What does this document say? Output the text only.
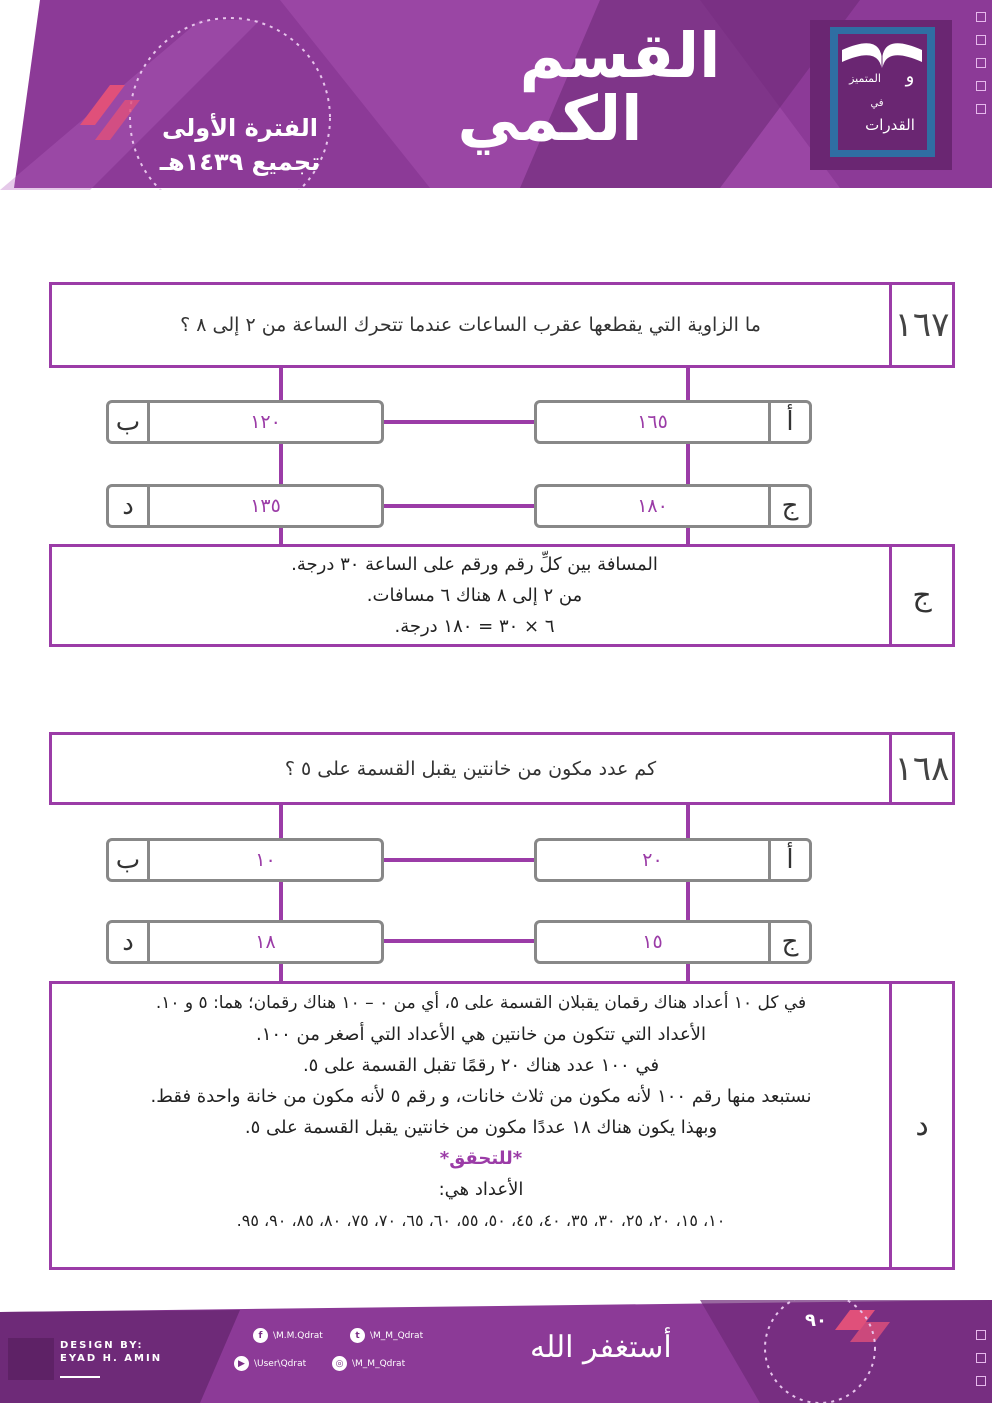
القسم
الكمي
الفترة الأولى
تجميع ١٤٣٩هـ
المتميز	و
في
القدرات
١٦٧
ما الزاوية التي يقطعها عقرب الساعات عندما تتحرك الساعة من ٢ إلى ٨ ؟
أ
١٦٥
ب	١٢٠
ج
١٨٠
د	١٣٥
ج
المسافة بين كلِّ رقم ورقم على الساعة ٣٠ درجة.
من ٢ إلى ٨ هناك ٦ مسافات.
٦ × ٣٠ = ١٨٠ درجة.
١٦٨
كم عدد مكون من خانتين يقبل القسمة على ٥ ؟
أ
٢٠
ب	١٠
ج
١٥
د	١٨
د
في كل ١٠ أعداد هناك رقمان يقبلان القسمة على ٥، أي من ٠ – ١٠ هناك رقمان؛ هما: ٥ و ١٠.
الأعداد التي تتكون من خانتين هي الأعداد التي أصغر من ١٠٠.
في ١٠٠ عدد هناك ٢٠ رقمًا تقبل القسمة على ٥.
نستبعد منها رقم ١٠٠ لأنه مكون من ثلاث خانات، و رقم ٥ لأنه مكون من خانة واحدة فقط.
وبهذا يكون هناك ١٨ عددًا مكون من خانتين يقبل القسمة على ٥.
*للتحقق*
الأعداد هي:
١٠، ١٥، ٢٠، ٢٥، ٣٠، ٣٥، ٤٠، ٤٥، ٥٠، ٥٥، ٦٠، ٦٥، ٧٠، ٧٥، ٨٠، ٨٥، ٩٠، ٩٥.
٩٠
DESIGN BY:
EYAD H. AMIN	أستغفر الله
f	\M.M.Qdrat	t	\M_M_Qdrat
▶	\User\Qdrat	◎ \M_M_Qdrat
